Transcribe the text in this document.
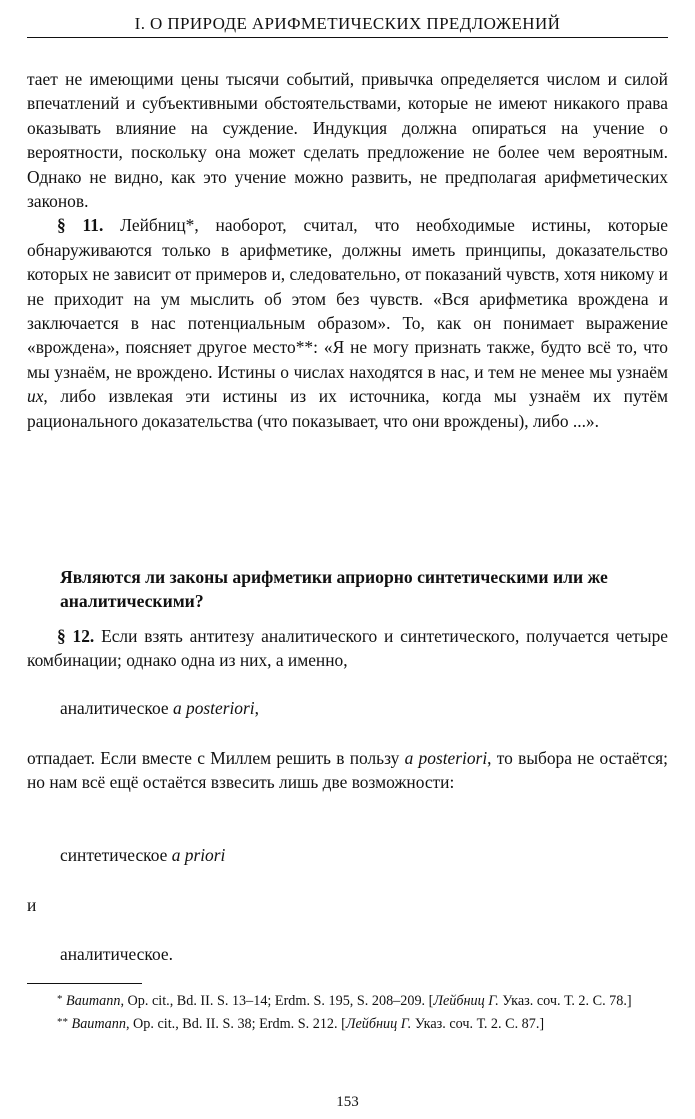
I. О ПРИРОДЕ АРИФМЕТИЧЕСКИХ ПРЕДЛОЖЕНИЙ

тает не имеющими цены тысячи событий, привычка определяется числом и силой впечатлений и субъективными обстоятельствами, которые не имеют никакого права оказывать влияние на суждение. Индукция должна опираться на учение о вероятности, поскольку она может сделать предложение не более чем вероятным. Однако не видно, как это учение можно развить, не предполагая арифметических законов.

§ 11. Лейбниц*, наоборот, считал, что необходимые истины, которые обнаруживаются только в арифметике, должны иметь принципы, доказательство которых не зависит от примеров и, следовательно, от показаний чувств, хотя никому и не приходит на ум мыслить об этом без чувств. «Вся арифметика врождена и заключается в нас потенциальным образом». То, как он понимает выражение «врождена», поясняет другое место**: «Я не могу признать также, будто всё то, что мы узнаём, не врождено. Истины о числах находятся в нас, и тем не менее мы узнаём их, либо извлекая эти истины из их источника, когда мы узнаём их путём рационального доказательства (что показывает, что они врождены), либо ...».

Являются ли законы арифметики априорно синтетическими или же аналитическими?

§ 12. Если взять антитезу аналитического и синтетического, получается четыре комбинации; однако одна из них, а именно,

аналитическое a posteriori,

отпадает. Если вместе с Миллем решить в пользу a posteriori, то выбора не остаётся; но нам всё ещё остаётся взвесить лишь две возможности:

синтетическое a priori
и
аналитическое.

* Baumann, Op. cit., Bd. II. S. 13–14; Erdm. S. 195, S. 208–209. [Лейбниц Г. Указ. соч. Т. 2. С. 78.]

** Baumann, Op. cit., Bd. II. S. 38; Erdm. S. 212. [Лейбниц Г. Указ. соч. Т. 2. С. 87.]

153
